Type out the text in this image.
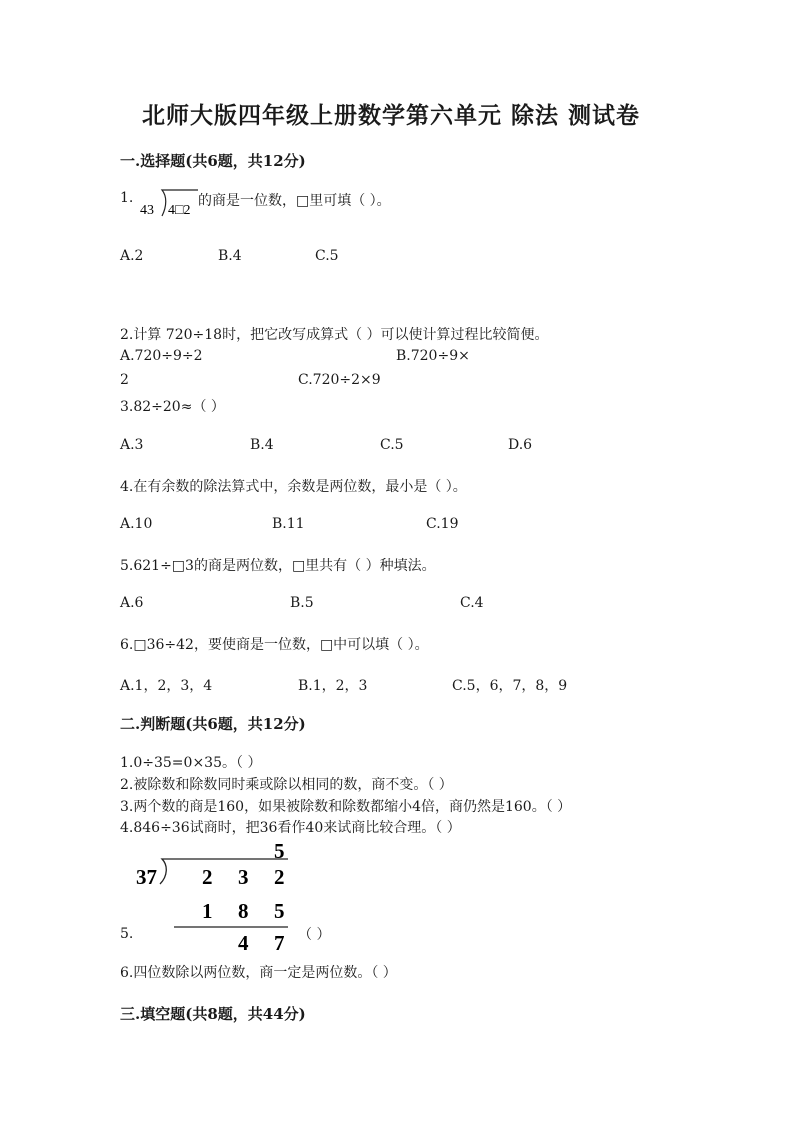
北师大版四年级上册数学第六单元 除法 测试卷
一.选择题(共6题，共12分)
1.
43 4□2
的商是一位数，□里可填（ ）。
A.2	B.4	C.5
2.计算 720÷18时，把它改写成算式（ ）可以使计算过程比较简便。
A.720÷9÷2	B.720÷9×
2	C.720÷2×9
3.82÷20≈（ ）
A.3	B.4	C.5	D.6
4.在有余数的除法算式中，余数是两位数，最小是（ ）。
A.10	B.11	C.19
5.621÷□3的商是两位数，□里共有（ ）种填法。
A.6	B.5	C.4
6.□36÷42，要使商是一位数，□中可以填（ ）。
A.1，2，3，4	B.1，2，3	C.5，6，7，8，9
二.判断题(共6题，共12分)
1.0÷35=0×35。（ ）
2.被除数和除数同时乘或除以相同的数，商不变。（ ）
3.两个数的商是160，如果被除数和除数都缩小4倍，商仍然是160。（ ）
4.846÷36试商时，把36看作40来试商比较合理。（ ）
5.
5
37 2 3 2
1 8 5
4 7 （ ）
6.四位数除以两位数，商一定是两位数。（ ）
三.填空题(共8题，共44分)
